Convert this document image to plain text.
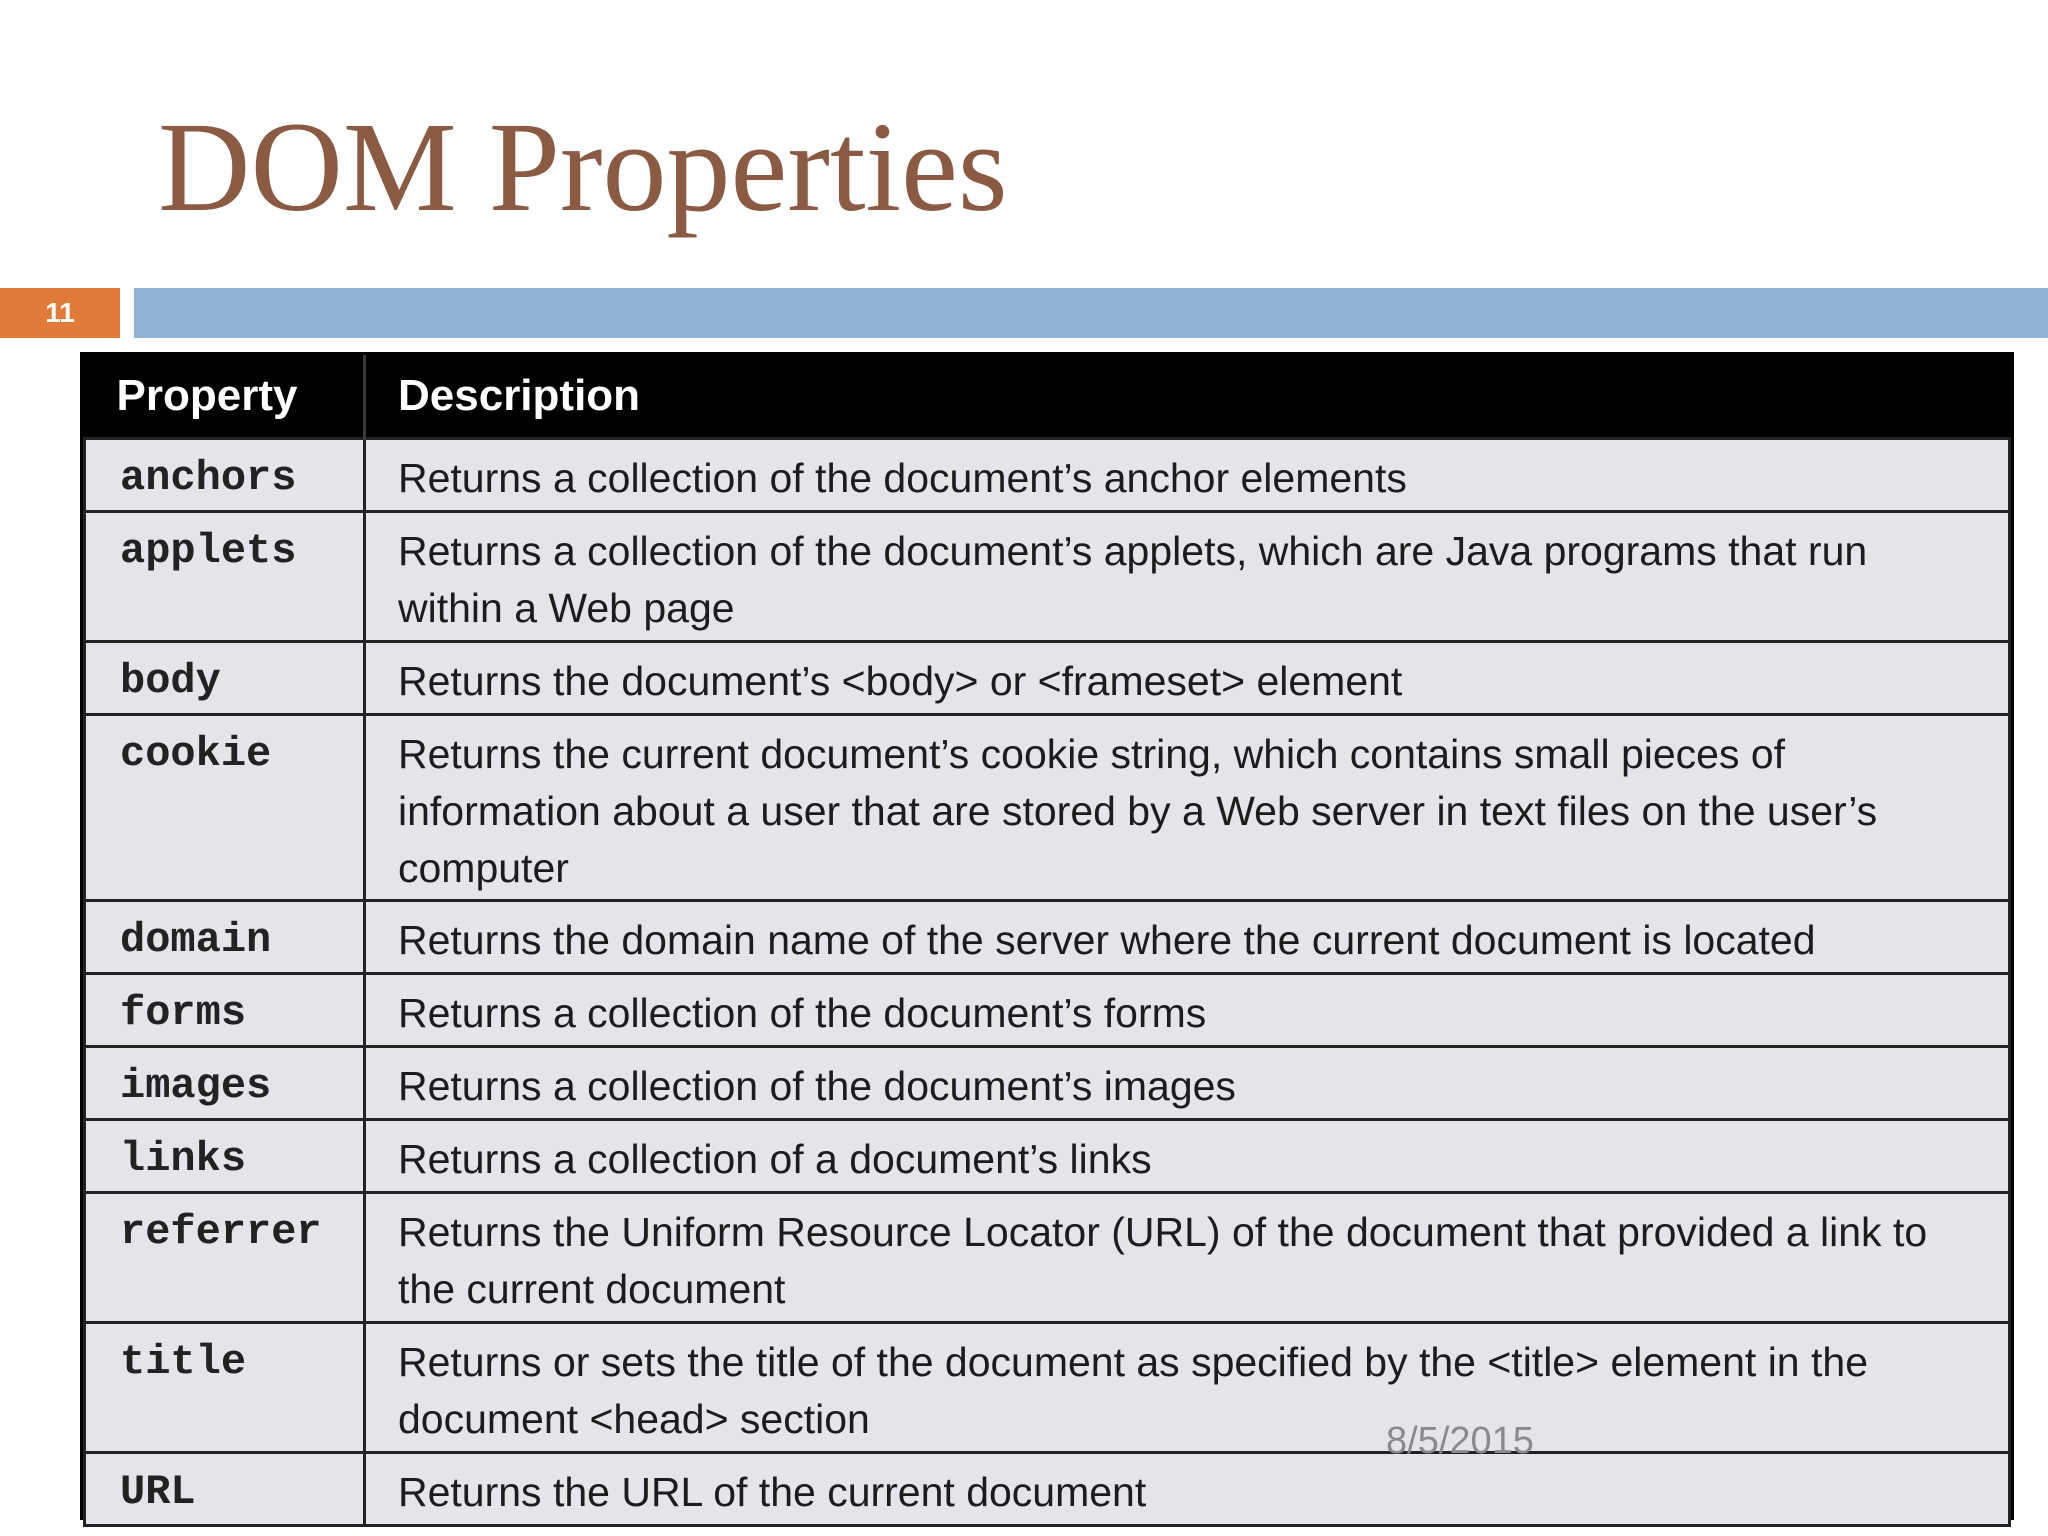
DOM Properties
11
Property	Description
anchors	Returns a collection of the document’s anchor elements
applets	Returns a collection of the document’s applets, which are Java programs that run within a Web page
body	Returns the document’s <body> or <frameset> element
cookie	Returns the current document’s cookie string, which contains small pieces of information about a user that are stored by a Web server in text files on the user’s computer
domain	Returns the domain name of the server where the current document is located
forms	Returns a collection of the document’s forms
images	Returns a collection of the document’s images
links	Returns a collection of a document’s links
referrer	Returns the Uniform Resource Locator (URL) of the document that provided a link to the current document
title	Returns or sets the title of the document as specified by the <title> element in the document <head> section
URL	Returns the URL of the current document
8/5/2015
